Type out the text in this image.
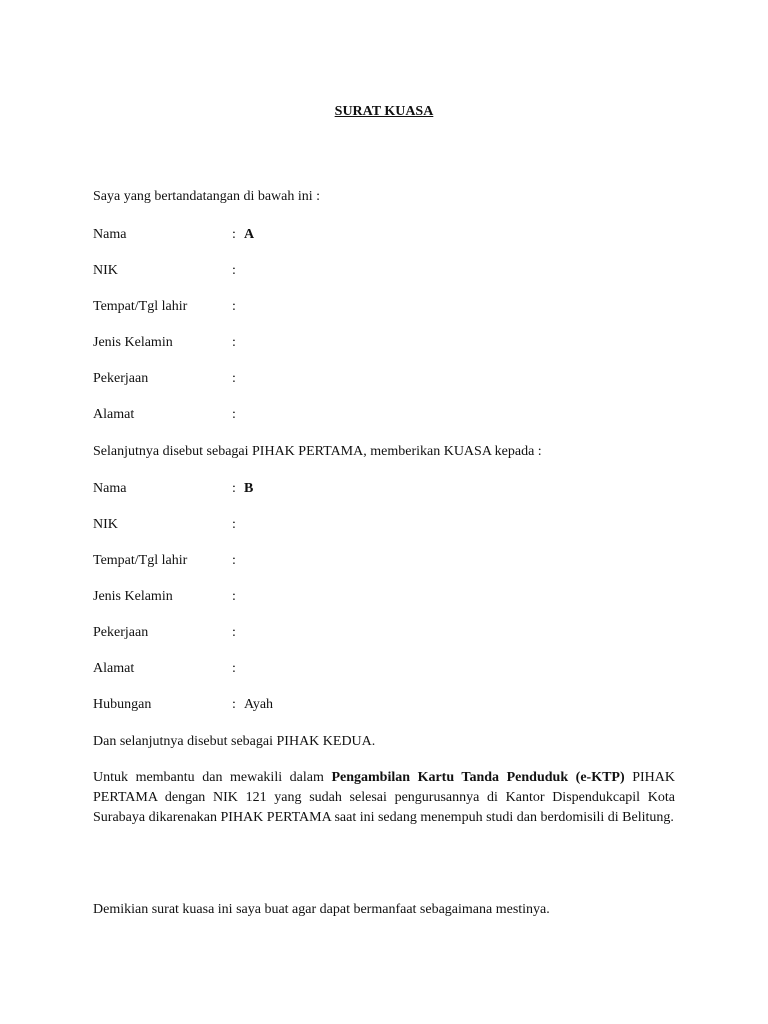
SURAT KUASA
Saya yang bertandatangan di bawah ini :
Nama	: A
NIK	:
Tempat/Tgl lahir	:
Jenis Kelamin	:
Pekerjaan	:
Alamat	:
Selanjutnya disebut sebagai PIHAK PERTAMA, memberikan KUASA kepada :
Nama	: B
NIK	:
Tempat/Tgl lahir	:
Jenis Kelamin	:
Pekerjaan	:
Alamat	:
Hubungan	: Ayah
Dan selanjutnya disebut sebagai PIHAK KEDUA.
Untuk membantu dan mewakili dalam Pengambilan Kartu Tanda Penduduk (e-KTP) PIHAK PERTAMA dengan NIK 121 yang sudah selesai pengurusannya di Kantor Dispendukcapil Kota Surabaya dikarenakan PIHAK PERTAMA saat ini sedang menempuh studi dan berdomisili di Belitung.
Demikian surat kuasa ini saya buat agar dapat bermanfaat sebagaimana mestinya.
